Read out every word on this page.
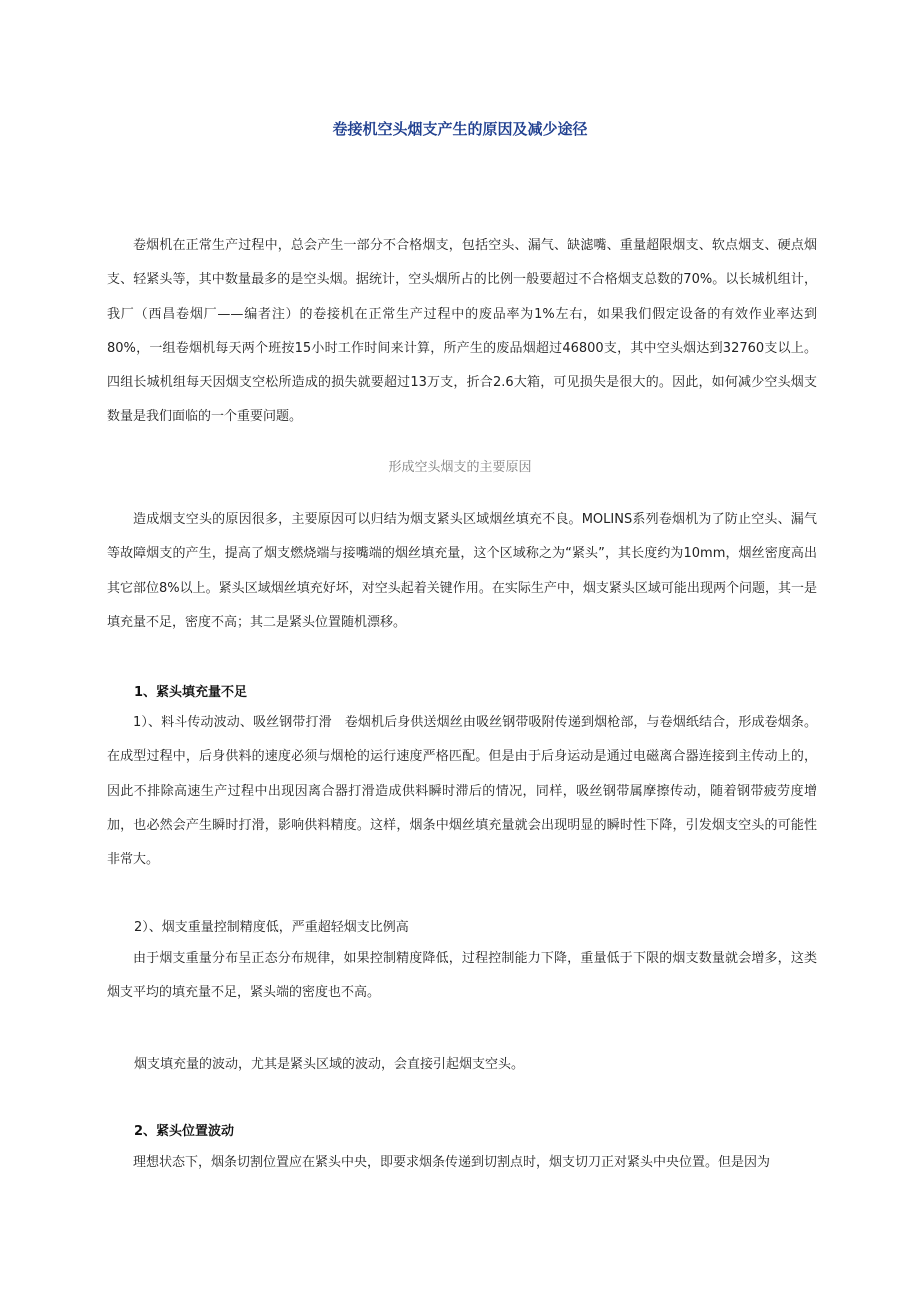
卷接机空头烟支产生的原因及减少途径

卷烟机在正常生产过程中，总会产生一部分不合格烟支，包括空头、漏气、缺滤嘴、重量超限烟支、软点烟支、硬点烟支、轻紧头等，其中数量最多的是空头烟。据统计，空头烟所占的比例一般要超过不合格烟支总数的70%。以长城机组计，我厂（西昌卷烟厂——编者注）的卷接机在正常生产过程中的废品率为1%左右，如果我们假定设备的有效作业率达到80%，一组卷烟机每天两个班按15小时工作时间来计算，所产生的废品烟超过46800支，其中空头烟达到32760支以上。四组长城机组每天因烟支空松所造成的损失就要超过13万支，折合2.6大箱，可见损失是很大的。因此，如何减少空头烟支数量是我们面临的一个重要问题。

形成空头烟支的主要原因

造成烟支空头的原因很多，主要原因可以归结为烟支紧头区域烟丝填充不良。MOLINS系列卷烟机为了防止空头、漏气等故障烟支的产生，提高了烟支燃烧端与接嘴端的烟丝填充量，这个区域称之为“紧头”，其长度约为10mm，烟丝密度高出其它部位8%以上。紧头区域烟丝填充好坏，对空头起着关键作用。在实际生产中，烟支紧头区域可能出现两个问题，其一是填充量不足，密度不高；其二是紧头位置随机漂移。

1、紧头填充量不足

1）、料斗传动波动、吸丝钢带打滑　卷烟机后身供送烟丝由吸丝钢带吸附传递到烟枪部，与卷烟纸结合，形成卷烟条。在成型过程中，后身供料的速度必须与烟枪的运行速度严格匹配。但是由于后身运动是通过电磁离合器连接到主传动上的，因此不排除高速生产过程中出现因离合器打滑造成供料瞬时滞后的情况，同样，吸丝钢带属摩擦传动，随着钢带疲劳度增加，也必然会产生瞬时打滑，影响供料精度。这样，烟条中烟丝填充量就会出现明显的瞬时性下降，引发烟支空头的可能性非常大。

2）、烟支重量控制精度低，严重超轻烟支比例高

由于烟支重量分布呈正态分布规律，如果控制精度降低，过程控制能力下降，重量低于下限的烟支数量就会增多，这类烟支平均的填充量不足，紧头端的密度也不高。

烟支填充量的波动，尤其是紧头区域的波动，会直接引起烟支空头。

2、紧头位置波动

理想状态下，烟条切割位置应在紧头中央，即要求烟条传递到切割点时，烟支切刀正对紧头中央位置。但是因为
